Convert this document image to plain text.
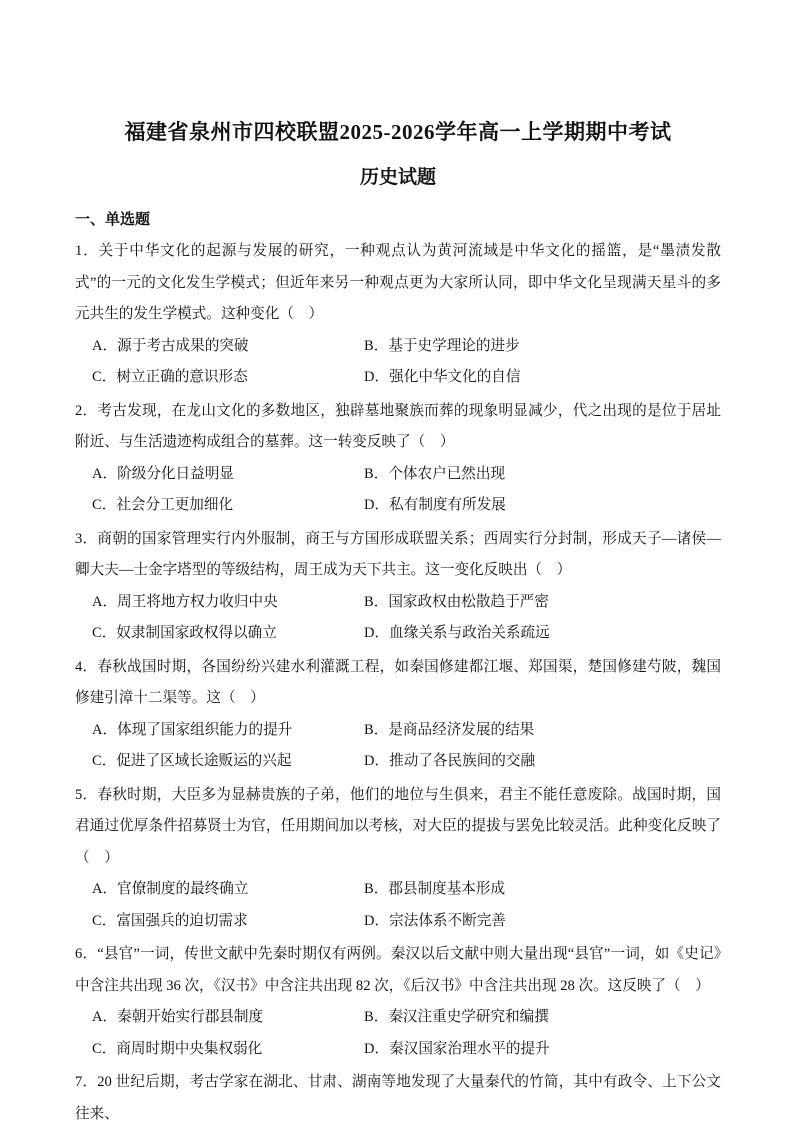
福建省泉州市四校联盟2025-2026学年高一上学期期中考试
历史试题
一、单选题
1．关于中华文化的起源与发展的研究，一种观点认为黄河流域是中华文化的摇篮，是“墨渍发散式”的一元的文化发生学模式；但近年来另一种观点更为大家所认同，即中华文化呈现满天星斗的多元共生的发生学模式。这种变化（　）
A．源于考古成果的突破	B．基于史学理论的进步
C．树立正确的意识形态	D．强化中华文化的自信
2．考古发现，在龙山文化的多数地区，独辟墓地聚族而葬的现象明显减少，代之出现的是位于居址附近、与生活遗迹构成组合的墓葬。这一转变反映了（　）
A．阶级分化日益明显	B．个体农户已然出现
C．社会分工更加细化	D．私有制度有所发展
3．商朝的国家管理实行内外服制，商王与方国形成联盟关系；西周实行分封制，形成天子—诸侯—卿大夫—士金字塔型的等级结构，周王成为天下共主。这一变化反映出（　）
A．周王将地方权力收归中央	B．国家政权由松散趋于严密
C．奴隶制国家政权得以确立	D．血缘关系与政治关系疏远
4．春秋战国时期，各国纷纷兴建水利灌溉工程，如秦国修建都江堰、郑国渠，楚国修建芍陂，魏国修建引漳十二渠等。这（　）
A．体现了国家组织能力的提升	B．是商品经济发展的结果
C．促进了区域长途贩运的兴起	D．推动了各民族间的交融
5．春秋时期，大臣多为显赫贵族的子弟，他们的地位与生俱来，君主不能任意废除。战国时期，国君通过优厚条件招募贤士为官，任用期间加以考核，对大臣的提拔与罢免比较灵活。此种变化反映了（　）
A．官僚制度的最终确立	B．郡县制度基本形成
C．富国强兵的迫切需求	D．宗法体系不断完善
6．“县官”一词，传世文献中先秦时期仅有两例。秦汉以后文献中则大量出现“县官”一词，如《史记》中含注共出现 36 次，《汉书》中含注共出现 82 次，《后汉书》中含注共出现 28 次。这反映了（　）
A．秦朝开始实行郡县制度	B．秦汉注重史学研究和编撰
C．商周时期中央集权弱化	D．秦汉国家治理水平的提升
7．20 世纪后期，考古学家在湖北、甘肃、湖南等地发现了大量秦代的竹简，其中有政令、上下公文往来、
